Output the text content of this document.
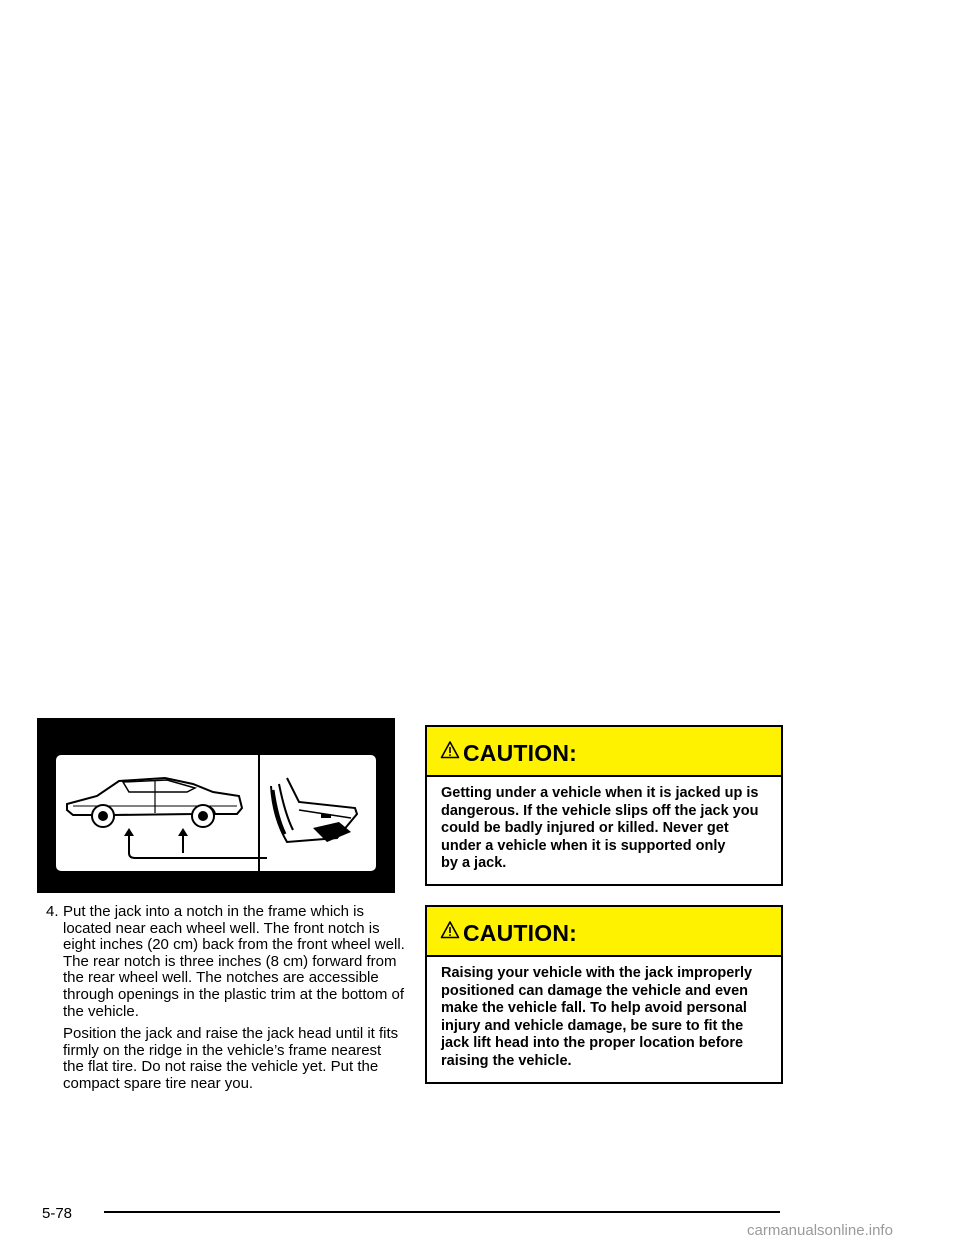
4. Put the jack into a notch in the frame which is located near each wheel well. The front notch is eight inches (20 cm) back from the front wheel well. The rear notch is three inches (8 cm) forward from the rear wheel well. The notches are accessible through openings in the plastic trim at the bottom of the vehicle.

Position the jack and raise the jack head until it fits firmly on the ridge in the vehicle’s frame nearest the flat tire. Do not raise the vehicle yet. Put the compact spare tire near you.

CAUTION:
Getting under a vehicle when it is jacked up is
dangerous. If the vehicle slips off the jack you
could be badly injured or killed. Never get
under a vehicle when it is supported only
by a jack.
CAUTION:
Raising your vehicle with the jack improperly
positioned can damage the vehicle and even
make the vehicle fall. To help avoid personal
injury and vehicle damage, be sure to fit the
jack lift head into the proper location before
raising the vehicle.
5-78
carmanualsonline.info
